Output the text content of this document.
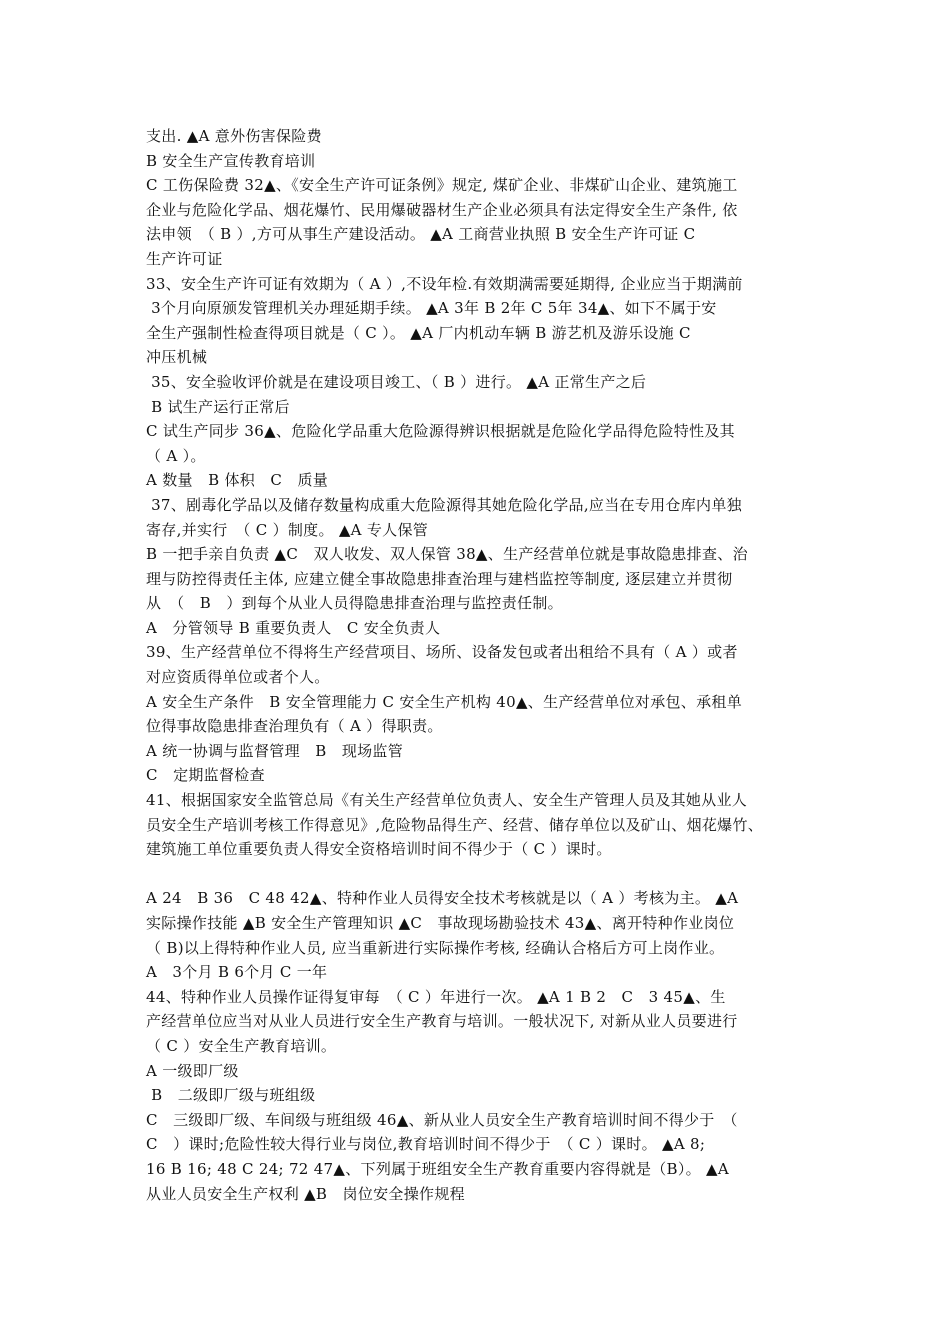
支出. ▲A 意外伤害保险费
B 安全生产宣传教育培训
C 工伤保险费 32▲、《安全生产许可证条例》规定, 煤矿企业、非煤矿山企业、建筑施工
企业与危险化学品、烟花爆竹、民用爆破器材生产企业必须具有法定得安全生产条件, 依
法申领　（ B ）,方可从事生产建设活动。 ▲A 工商营业执照 B 安全生产许可证 C
生产许可证
33、安全生产许可证有效期为（ A ）,不设年检.有效期满需要延期得, 企业应当于期满前
3个月向原颁发管理机关办理延期手续。 ▲A 3年 B 2年 C 5年 34▲、如下不属于安
全生产强制性检查得项目就是（ C ）。 ▲A 厂内机动车辆 B 游艺机及游乐设施 C
冲压机械
35、安全验收评价就是在建设项目竣工、（ B ）进行。 ▲A 正常生产之后
B 试生产运行正常后
C 试生产同步 36▲、危险化学品重大危险源得辨识根据就是危险化学品得危险特性及其
（ A ）。
A 数量　B 体积　C　质量
37、剧毒化学品以及储存数量构成重大危险源得其她危险化学品,应当在专用仓库内单独
寄存,并实行　（ C ）制度。 ▲A 专人保管
B 一把手亲自负责 ▲C　双人收发、双人保管 38▲、生产经营单位就是事故隐患排查、治
理与防控得责任主体, 应建立健全事故隐患排查治理与建档监控等制度, 逐层建立并贯彻
从　（　B　）到每个从业人员得隐患排查治理与监控责任制。
A　分管领导 B 重要负责人　C 安全负责人
39、生产经营单位不得将生产经营项目、场所、设备发包或者出租给不具有（ A ）或者
对应资质得单位或者个人。
A 安全生产条件　B 安全管理能力 C 安全生产机构 40▲、生产经营单位对承包、承租单
位得事故隐患排查治理负有（ A ）得职责。
A 统一协调与监督管理　B　现场监管
C　定期监督检查
41、根据国家安全监管总局《有关生产经营单位负责人、安全生产管理人员及其她从业人
员安全生产培训考核工作得意见》,危险物品得生产、经营、储存单位以及矿山、烟花爆竹、
建筑施工单位重要负责人得安全资格培训时间不得少于（ C ）课时。
A 24　B 36　C 48 42▲、特种作业人员得安全技术考核就是以（ A ）考核为主。 ▲A
实际操作技能 ▲B 安全生产管理知识 ▲C　事故现场勘验技术 43▲、离开特种作业岗位
（ B)以上得特种作业人员, 应当重新进行实际操作考核, 经确认合格后方可上岗作业。
A　3个月 B 6个月 C 一年
44、特种作业人员操作证得复审每　（ C ）年进行一次。 ▲A 1 B 2　C　3 45▲、生
产经营单位应当对从业人员进行安全生产教育与培训。一般状况下, 对新从业人员要进行
（ C ）安全生产教育培训。
A 一级即厂级
B　二级即厂级与班组级
C　三级即厂级、车间级与班组级 46▲、新从业人员安全生产教育培训时间不得少于　（
C　）课时;危险性较大得行业与岗位,教育培训时间不得少于　（ C ）课时。 ▲A 8;
16 B 16; 48 C 24; 72 47▲、下列属于班组安全生产教育重要内容得就是（B）。 ▲A
从业人员安全生产权利 ▲B　岗位安全操作规程
